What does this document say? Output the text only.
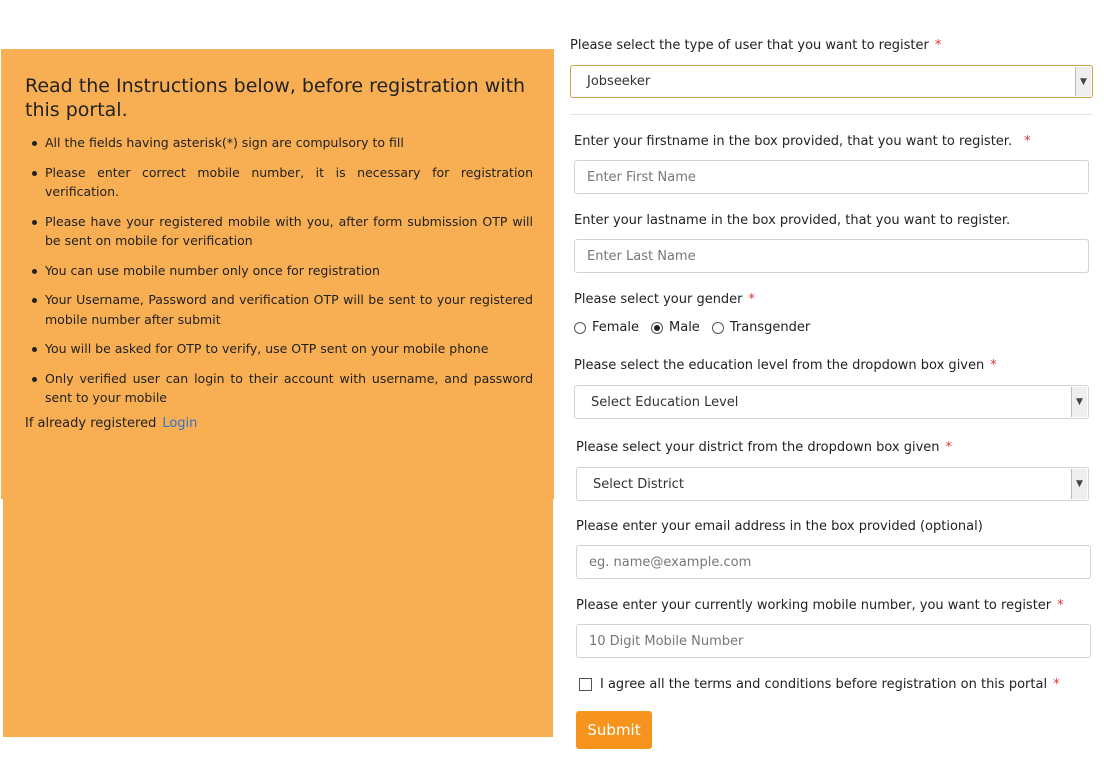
Read the Instructions below, before registration with this portal.
All the fields having asterisk(*) sign are compulsory to fill
Please enter correct mobile number, it is necessary for registration verification.
Please have your registered mobile with you, after form submission OTP will be sent on mobile for verification
You can use mobile number only once for registration
Your Username, Password and verification OTP will be sent to your registered mobile number after submit
You will be asked for OTP to verify, use OTP sent on your mobile phone
Only verified user can login to their account with username, and password sent to your mobile
If already registered Login
Please select the type of user that you want to register *
Jobseeker	▼
Enter your firstname in the box provided, that you want to register. *
Enter First Name
Enter your lastname in the box provided, that you want to register.
Enter Last Name
Please select your gender *
Female Male Transgender
Please select the education level from the dropdown box given *
Select Education Level	▼
Please select your district from the dropdown box given *
Select District	▼
Please enter your email address in the box provided (optional)
eg. name@example.com
Please enter your currently working mobile number, you want to register *
10 Digit Mobile Number
I agree all the terms and conditions before registration on this portal *
Submit
